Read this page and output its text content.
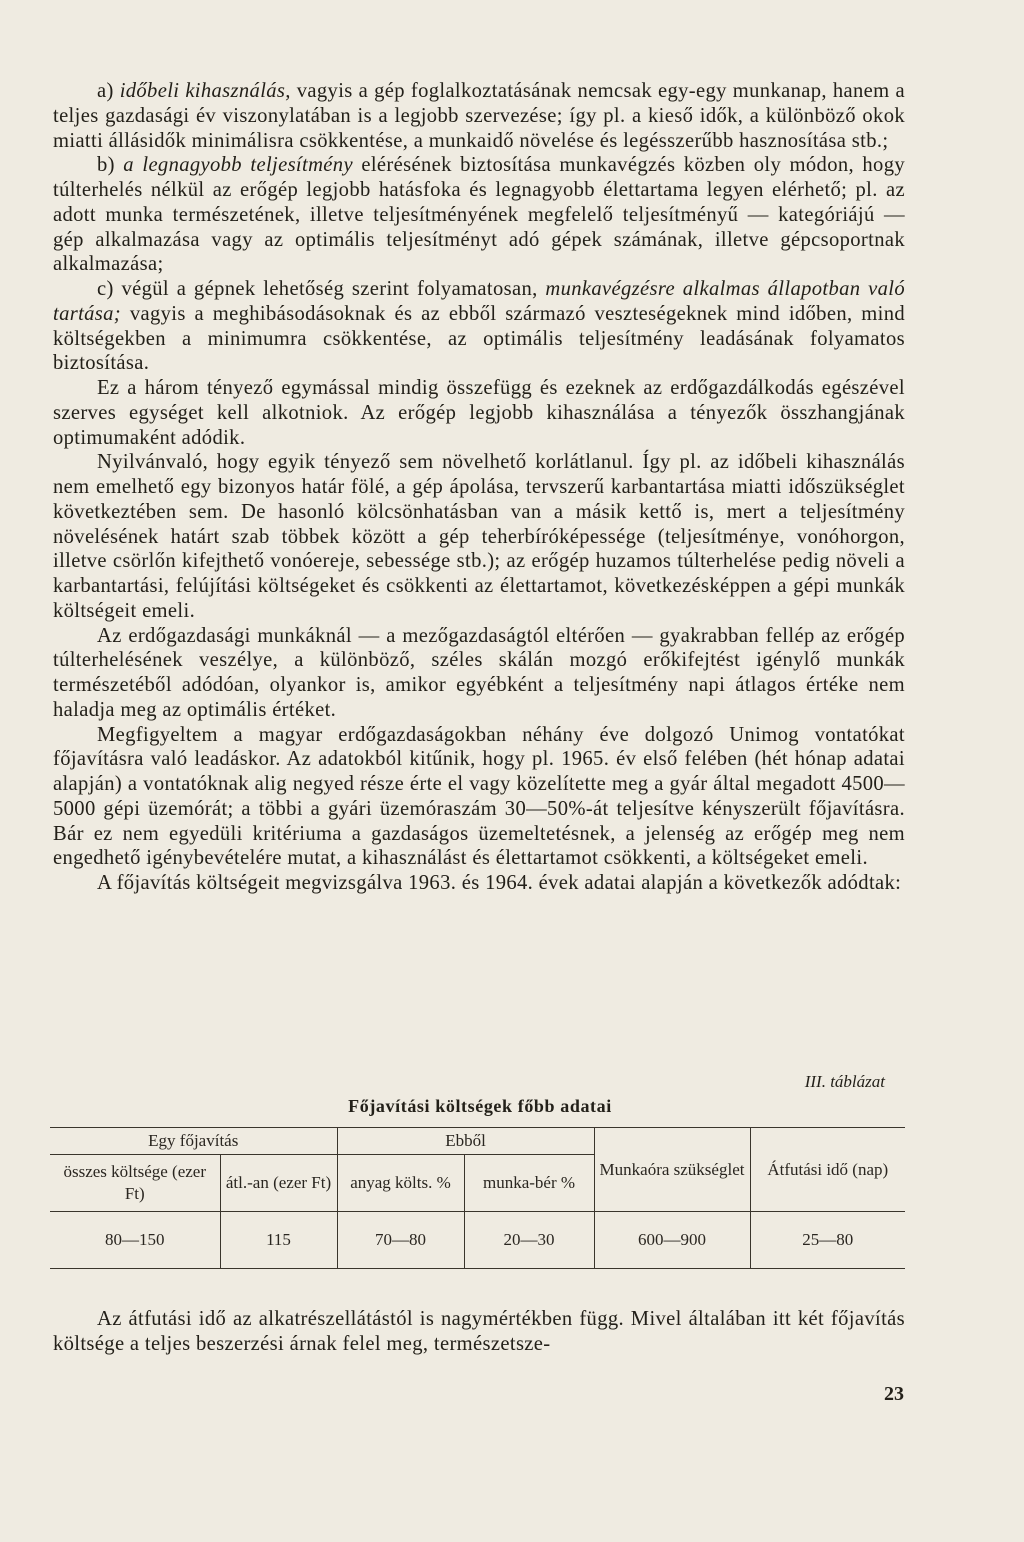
a) időbeli kihasználás, vagyis a gép foglalkoztatásának nemcsak egy-egy munkanap, hanem a teljes gazdasági év viszonylatában is a legjobb szervezése; így pl. a kieső idők, a különböző okok miatti állásidők minimálisra csökkentése, a munkaidő növelése és legésszerűbb hasznosítása stb.;

b) a legnagyobb teljesítmény elérésének biztosítása munkavégzés közben oly módon, hogy túlterhelés nélkül az erőgép legjobb hatásfoka és legnagyobb élettartama legyen elérhető; pl. az adott munka természetének, illetve teljesítményének megfelelő teljesítményű — kategóriájú — gép alkalmazása vagy az optimális teljesítményt adó gépek számának, illetve gépcsoportnak alkalmazása;

c) végül a gépnek lehetőség szerint folyamatosan, munkavégzésre alkalmas állapotban való tartása; vagyis a meghibásodásoknak és az ebből származó veszteségeknek mind időben, mind költségekben a minimumra csökkentése, az optimális teljesítmény leadásának folyamatos biztosítása.

Ez a három tényező egymással mindig összefügg és ezeknek az erdőgazdálkodás egészével szerves egységet kell alkotniok. Az erőgép legjobb kihasználása a tényezők összhangjának optimumaként adódik.

Nyilvánvaló, hogy egyik tényező sem növelhető korlátlanul. Így pl. az időbeli kihasználás nem emelhető egy bizonyos határ fölé, a gép ápolása, tervszerű karbantartása miatti időszükséglet következtében sem. De hasonló kölcsönhatásban van a másik kettő is, mert a teljesítmény növelésének határt szab többek között a gép teherbíróképessége (teljesítménye, vonóhorgon, illetve csörlőn kifejthető vonóereje, sebessége stb.); az erőgép huzamos túlterhelése pedig növeli a karbantartási, felújítási költségeket és csökkenti az élettartamot, következésképpen a gépi munkák költségeit emeli.

Az erdőgazdasági munkáknál — a mezőgazdaságtól eltérően — gyakrabban fellép az erőgép túlterhelésének veszélye, a különböző, széles skálán mozgó erőkifejtést igénylő munkák természetéből adódóan, olyankor is, amikor egyébként a teljesítmény napi átlagos értéke nem haladja meg az optimális értéket.

Megfigyeltem a magyar erdőgazdaságokban néhány éve dolgozó Unimog vontatókat főjavításra való leadáskor. Az adatokból kitűnik, hogy pl. 1965. év első felében (hét hónap adatai alapján) a vontatóknak alig negyed része érte el vagy közelítette meg a gyár által megadott 4500—5000 gépi üzemórát; a többi a gyári üzemóraszám 30—50%-át teljesítve kényszerült főjavításra. Bár ez nem egyedüli kritériuma a gazdaságos üzemeltetésnek, a jelenség az erőgép meg nem engedhető igénybevételére mutat, a kihasználást és élettartamot csökkenti, a költségeket emeli.

A főjavítás költségeit megvizsgálva 1963. és 1964. évek adatai alapján a következők adódtak:

III. táblázat
Főjavítási költségek főbb adatai
Egy főjavítás		Ebből		Munkaóra szükséglet	Átfutási idő (nap)
összes költsége (ezer Ft)	átl.-an (ezer Ft)	anyag költs. %	munka-bér %		
80—150	115	70—80	20—30	600—900	25—80

Az átfutási idő az alkatrészellátástól is nagymértékben függ. Mivel általában itt két főjavítás költsége a teljes beszerzési árnak felel meg, természetsze-

23
